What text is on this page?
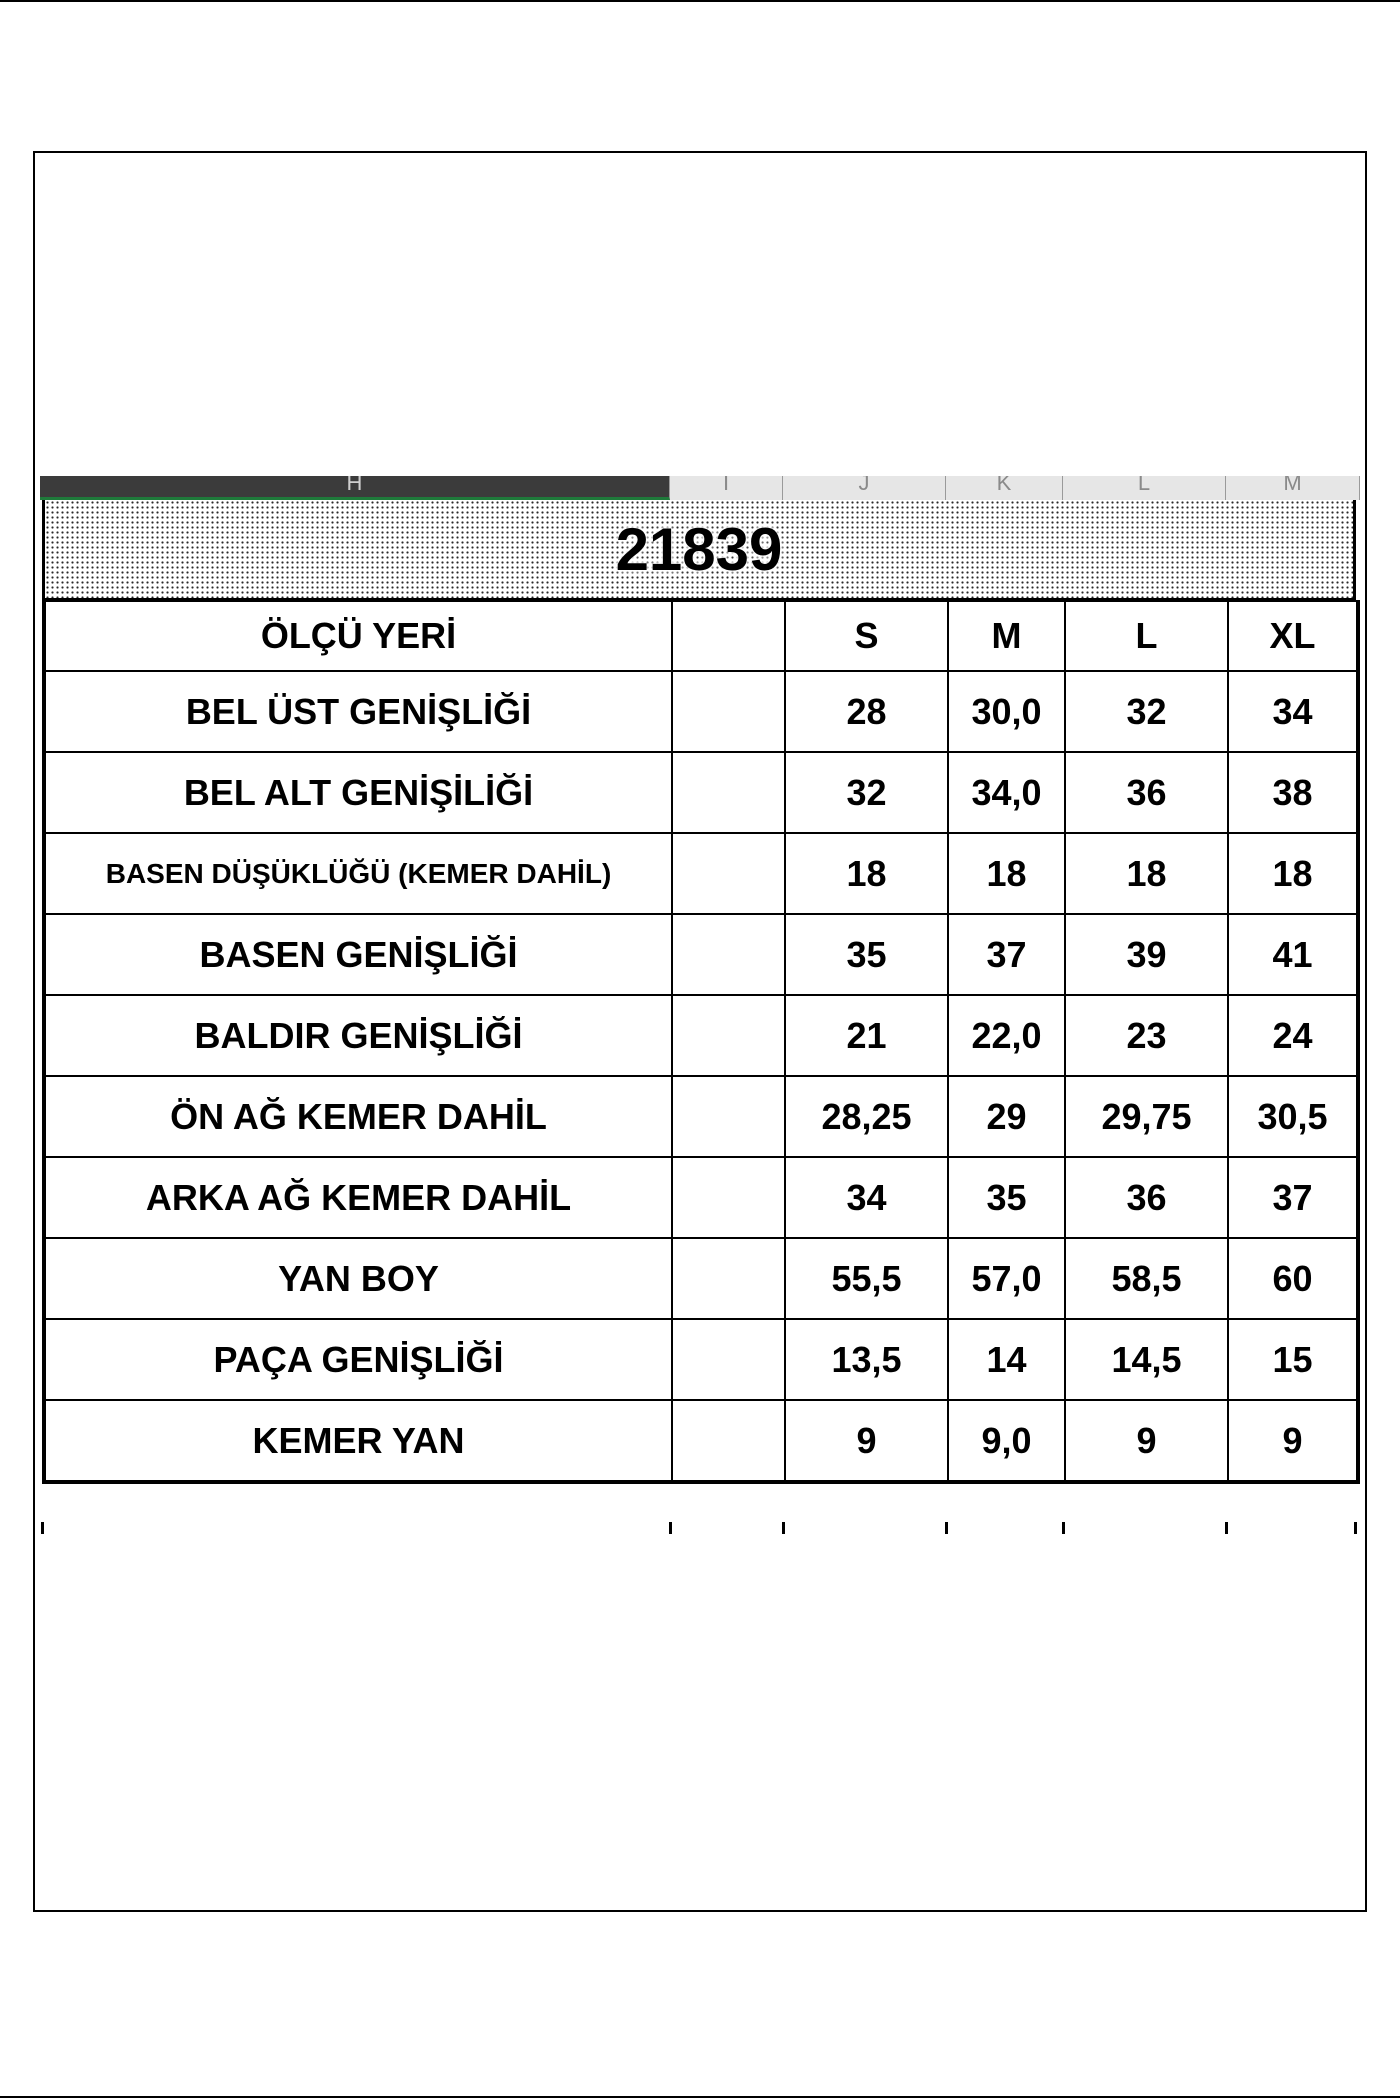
H	I	J	K	L	M
21839
ÖLÇÜ YERİ		S	M	L	XL
BEL ÜST GENİŞLİĞİ		28	30,0	32	34
BEL ALT GENİŞİLİĞİ		32	34,0	36	38
BASEN DÜŞÜKLÜĞÜ (KEMER DAHİL)		18	18	18	18
BASEN GENİŞLİĞİ		35	37	39	41
BALDIR GENİŞLİĞİ		21	22,0	23	24
ÖN AĞ KEMER DAHİL		28,25	29	29,75	30,5
ARKA AĞ KEMER DAHİL		34	35	36	37
YAN BOY		55,5	57,0	58,5	60
PAÇA GENİŞLİĞİ		13,5	14	14,5	15
KEMER YAN		9	9,0	9	9
